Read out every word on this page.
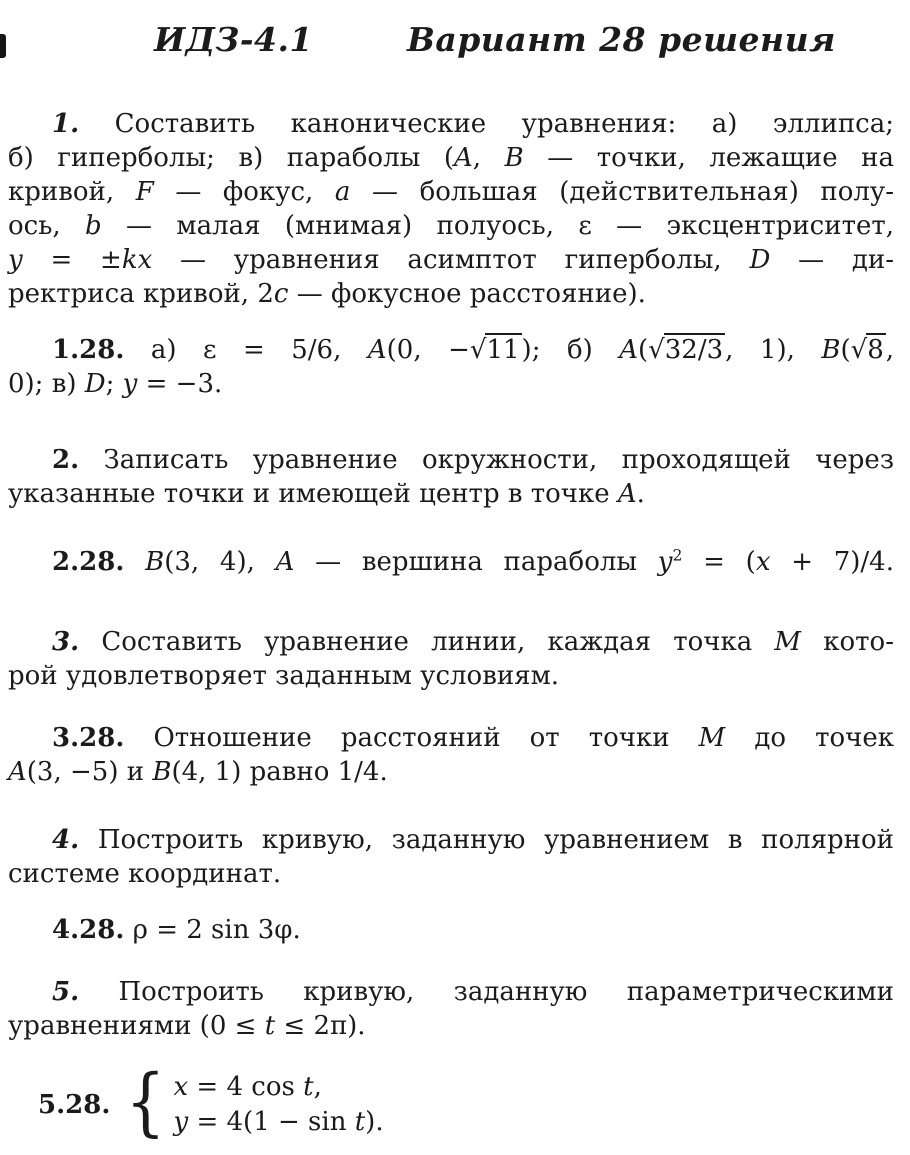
ИДЗ-4.1	Вариант 28 решения
1. Составить канонические уравнения: а) эллипса;
б) гиперболы; в) параболы (A, B — точки, лежащие на
кривой, F — фокус, a — большая (действительная) полу-
ось, b — малая (мнимая) полуось, ε — эксцентриситет,
y = ±kx — уравнения асимптот гиперболы, D — ди-
ректриса кривой, 2c — фокусное расстояние).
1.28. а) ε = 5/6, A(0, −√11); б) A(√32/3, 1), B(√8,
0); в) D; y = −3.
2. Записать уравнение окружности, проходящей через
указанные точки и имеющей центр в точке A.
2.28. B(3, 4), A — вершина параболы $y^2 = (x + 7)/4$.
3. Составить уравнение линии, каждая точка M кото-
рой удовлетворяет заданным условиям.
3.28. Отношение расстояний от точки M до точек
A(3, −5) и B(4, 1) равно 1/4.
4. Построить кривую, заданную уравнением в полярной
системе координат.
4.28. ρ = 2 sin 3φ.
5. Построить кривую, заданную параметрическими
уравнениями (0 ≤ t ≤ 2π).
5.28. { x = 4 cos t,
y = 4(1 − sin t).
